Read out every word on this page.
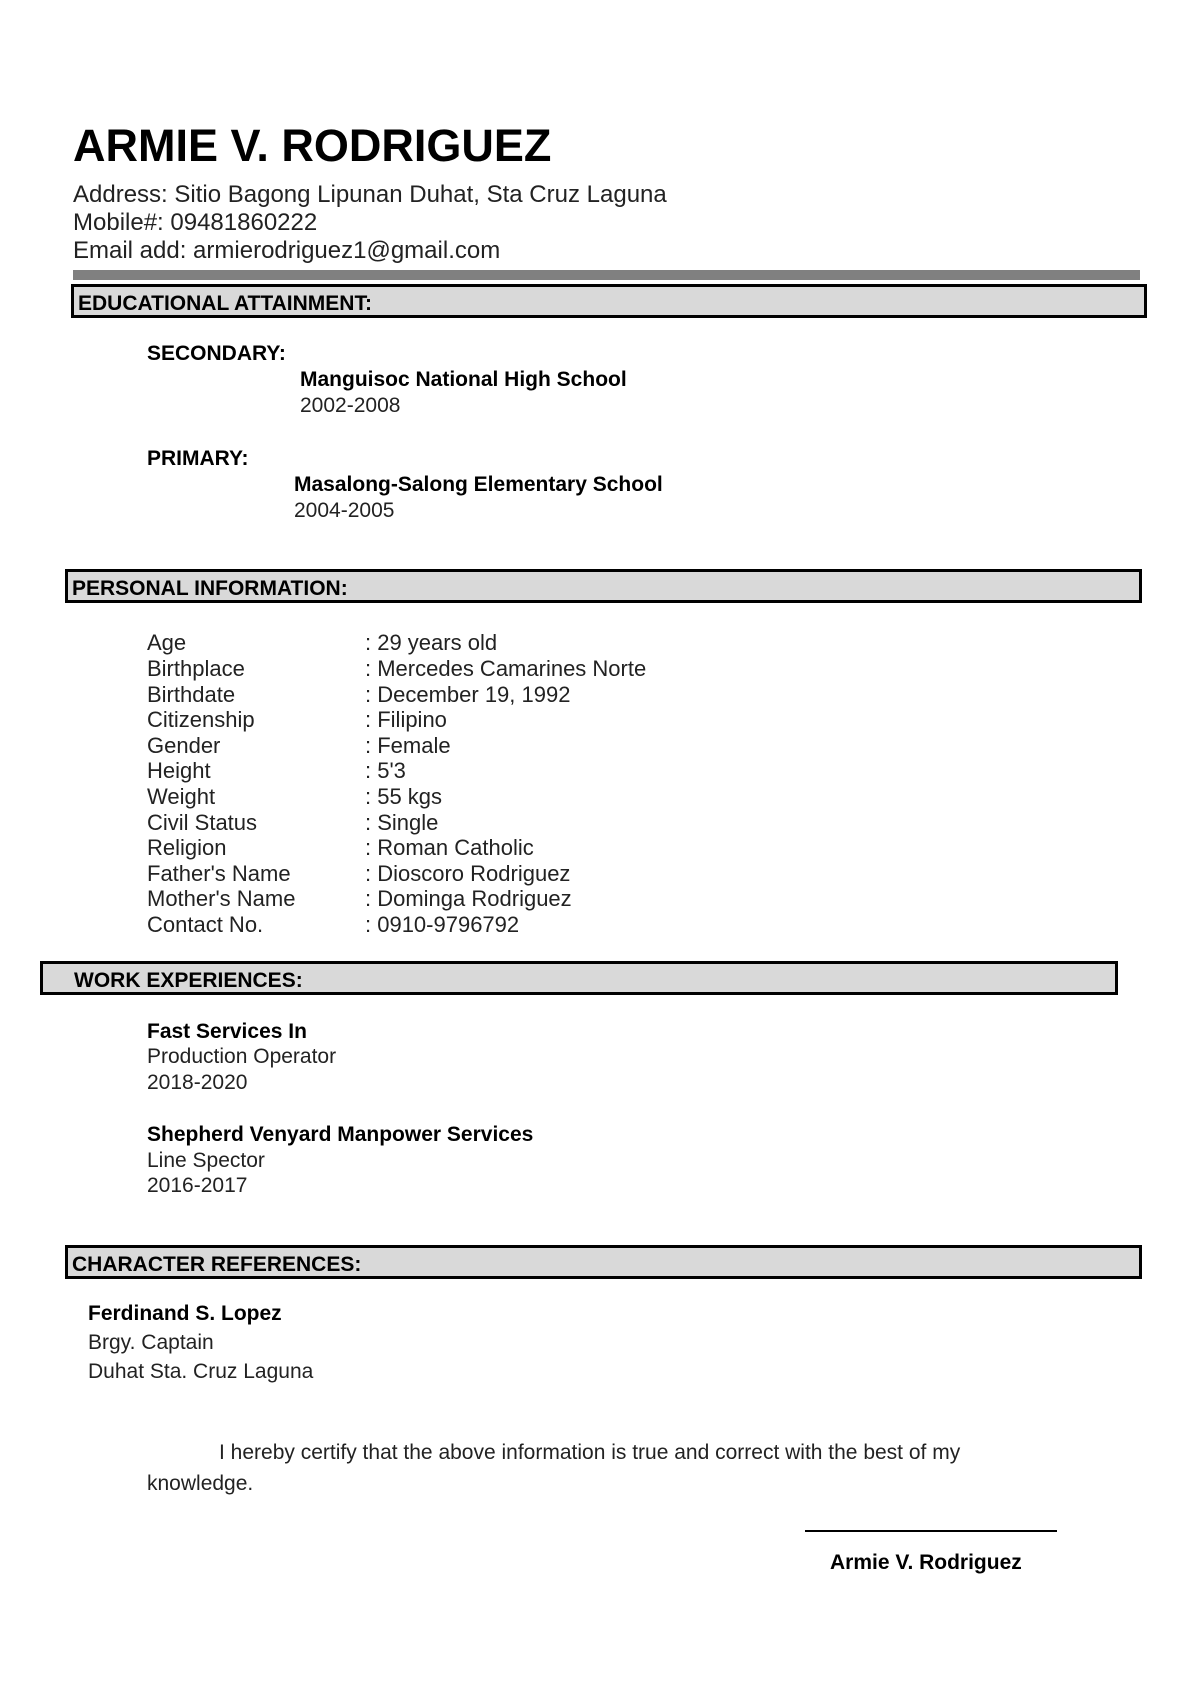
ARMIE V. RODRIGUEZ
Address: Sitio Bagong Lipunan Duhat, Sta Cruz Laguna
Mobile#: 09481860222
Email add: armierodriguez1@gmail.com
EDUCATIONAL ATTAINMENT:
SECONDARY:
Manguisoc National High School
2002-2008
PRIMARY:
Masalong-Salong Elementary School
2004-2005
PERSONAL INFORMATION:
Age	: 29 years old
Birthplace	: Mercedes Camarines Norte
Birthdate	: December 19, 1992
Citizenship	: Filipino
Gender	: Female
Height	: 5'3
Weight	: 55 kgs
Civil Status	: Single
Religion	: Roman Catholic
Father's Name	: Dioscoro Rodriguez
Mother's Name	: Dominga Rodriguez
Contact No.	: 0910-9796792
WORK EXPERIENCES:
Fast Services In
Production Operator
2018-2020
Shepherd Venyard Manpower Services
Line Spector
2016-2017
CHARACTER REFERENCES:
Ferdinand S. Lopez
Brgy. Captain
Duhat Sta. Cruz Laguna
I hereby certify that the above information is true and correct with the best of my
knowledge.
Armie V. Rodriguez
